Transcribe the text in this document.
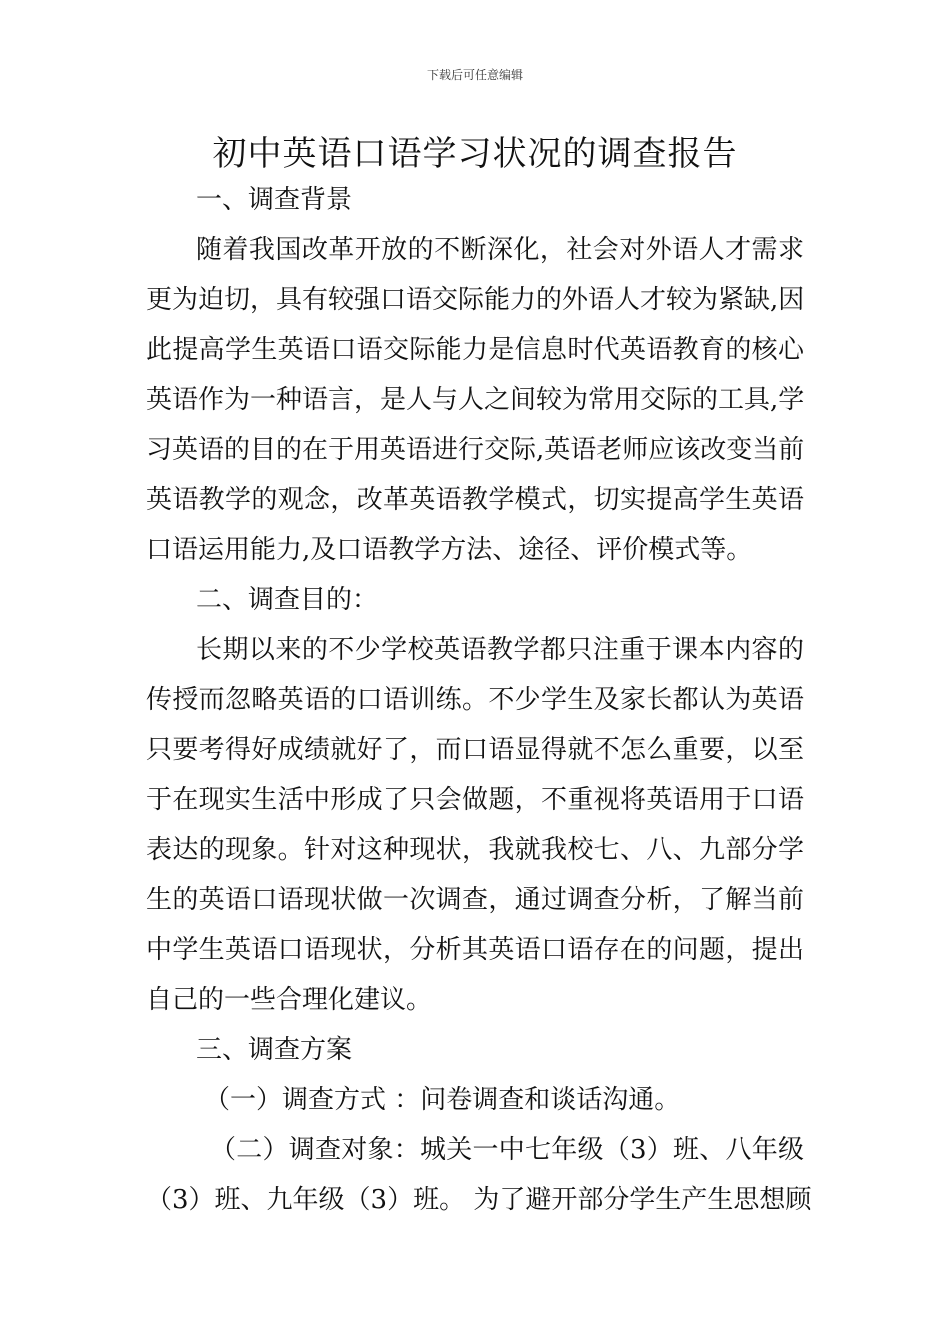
下载后可任意编辑
初中英语口语学习状况的调查报告
一、调查背景
随着我国改革开放的不断深化，社会对外语人才需求
更为迫切，具有较强口语交际能力的外语人才较为紧缺,因
此提高学生英语口语交际能力是信息时代英语教育的核心
英语作为一种语言，是人与人之间较为常用交际的工具,学
习英语的目的在于用英语进行交际,英语老师应该改变当前
英语教学的观念，改革英语教学模式，切实提高学生英语
口语运用能力,及口语教学方法、途径、评价模式等。
二、调查目的：
长期以来的不少学校英语教学都只注重于课本内容的
传授而忽略英语的口语训练。不少学生及家长都认为英语
只要考得好成绩就好了，而口语显得就不怎么重要，以至
于在现实生活中形成了只会做题，不重视将英语用于口语
表达的现象。针对这种现状，我就我校七、八、九部分学
生的英语口语现状做一次调查，通过调查分析，了解当前
中学生英语口语现状，分析其英语口语存在的问题，提出
自己的一些合理化建议。
三、调查方案
（一）调查方式 ：问卷调查和谈话沟通。
（二）调查对象：城关一中七年级（3）班、八年级
（3）班、九年级（3）班。 为了避开部分学生产生思想顾
